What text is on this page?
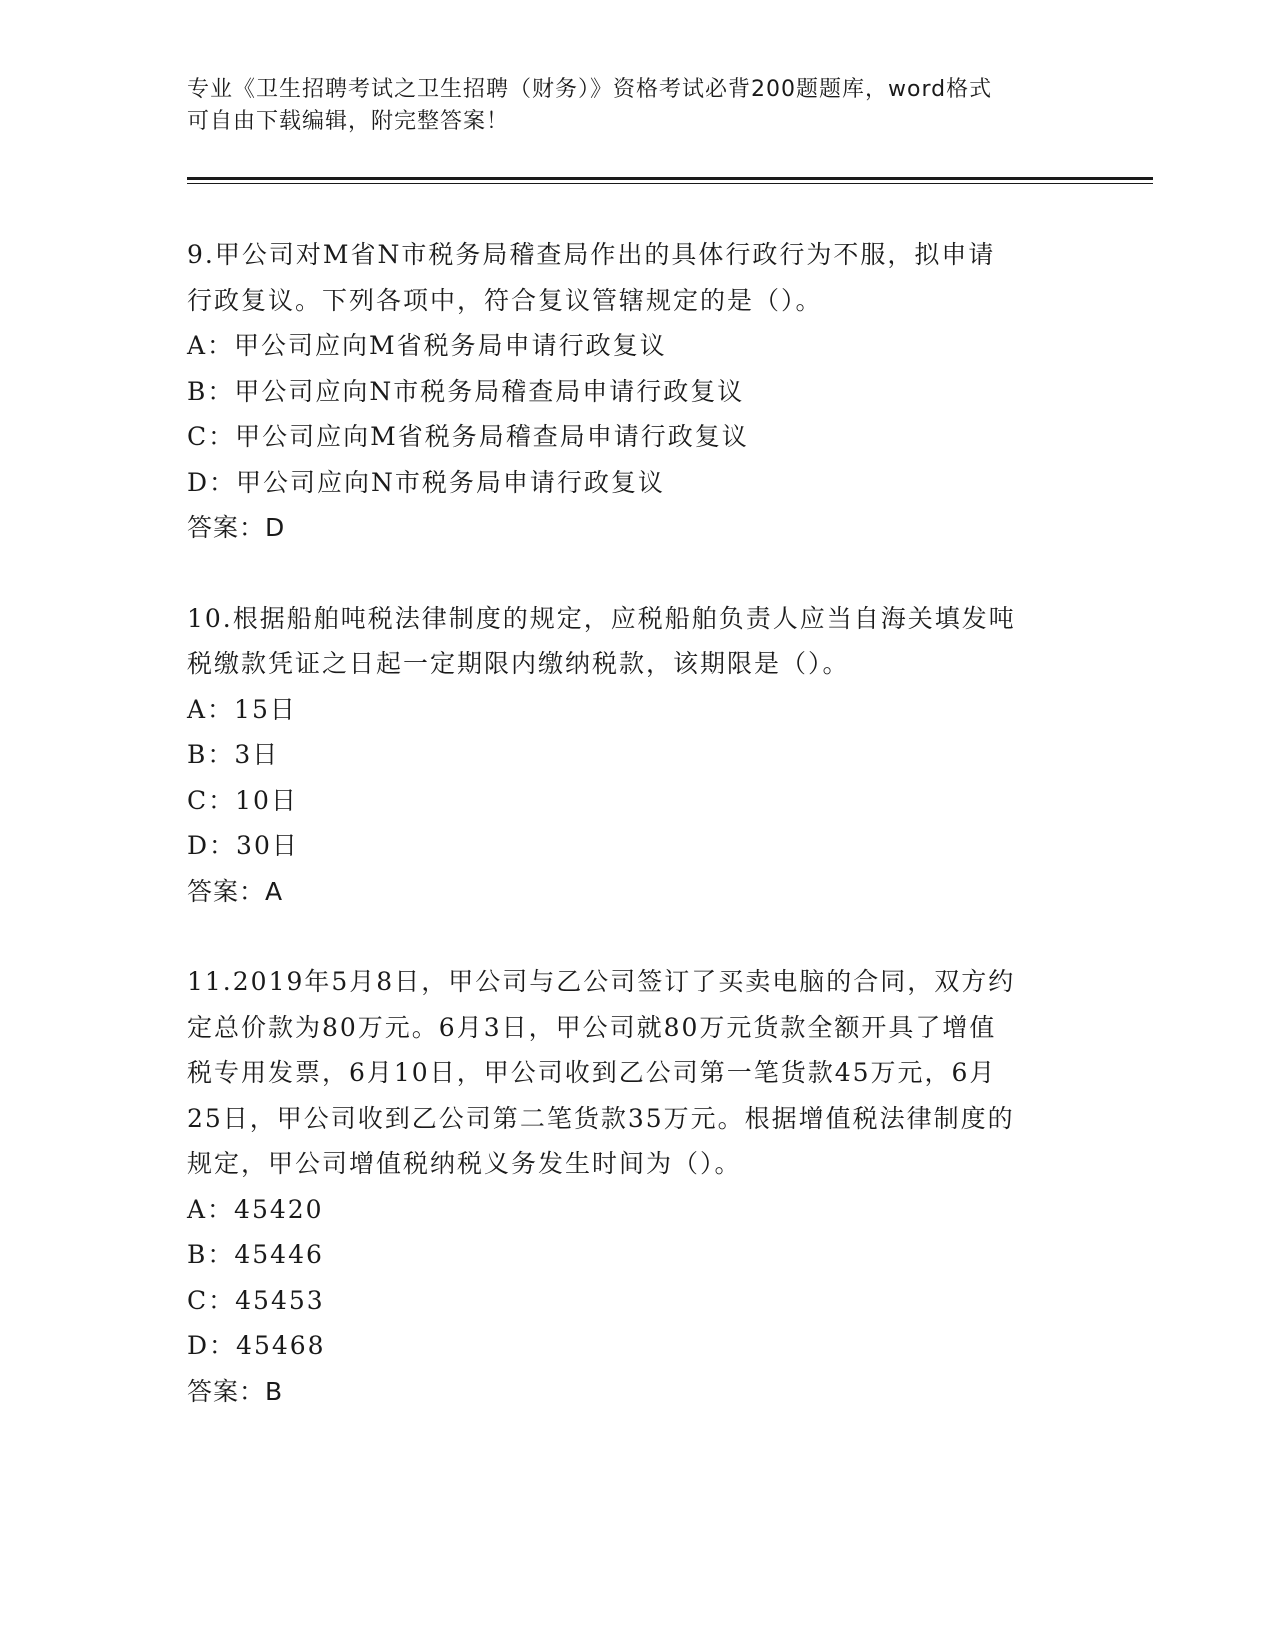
专业《卫生招聘考试之卫生招聘（财务）》资格考试必背200题题库，word格式
可自由下载编辑，附完整答案！
9.甲公司对M省N市税务局稽查局作出的具体行政行为不服，拟申请
行政复议。下列各项中，符合复议管辖规定的是（）。
A：甲公司应向M省税务局申请行政复议
B：甲公司应向N市税务局稽查局申请行政复议
C：甲公司应向M省税务局稽查局申请行政复议
D：甲公司应向N市税务局申请行政复议

答案：D

10.根据船舶吨税法律制度的规定，应税船舶负责人应当自海关填发吨
税缴款凭证之日起一定期限内缴纳税款，该期限是（）。
A：15日
B：3日
C：10日
D：30日

答案：A

11.2019年5月8日，甲公司与乙公司签订了买卖电脑的合同，双方约
定总价款为80万元。6月3日，甲公司就80万元货款全额开具了增值
税专用发票，6月10日，甲公司收到乙公司第一笔货款45万元，6月
25日，甲公司收到乙公司第二笔货款35万元。根据增值税法律制度的
规定，甲公司增值税纳税义务发生时间为（）。
A：45420
B：45446
C：45453
D：45468

答案：B
